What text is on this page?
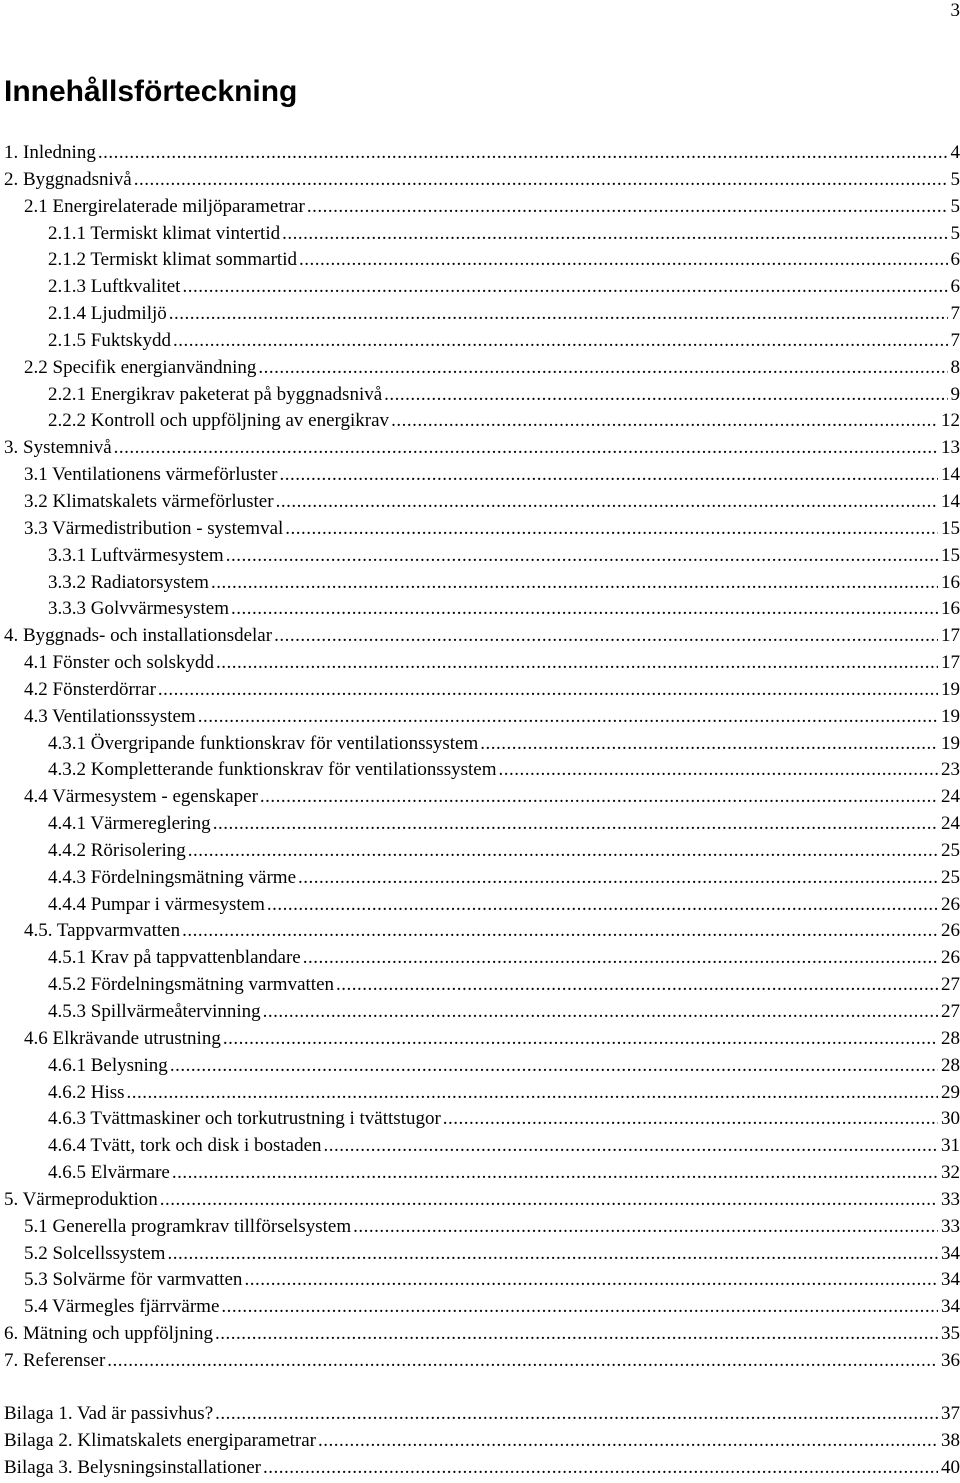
3
Innehållsförteckning
1. Inledning .....	4
2. Byggnadsnivå .....	5
2.1 Energirelaterade miljöparametrar .....	5
2.1.1 Termiskt klimat vintertid .....	5
2.1.2 Termiskt klimat sommartid .....	6
2.1.3 Luftkvalitet .....	6
2.1.4 Ljudmiljö .....	7
2.1.5 Fuktskydd .....	7
2.2 Specifik energianvändning .....	8
2.2.1 Energikrav paketerat på byggnadsnivå .....	9
2.2.2 Kontroll och uppföljning av energikrav .....	12
3. Systemnivå .....	13
3.1 Ventilationens värmeförluster .....	14
3.2 Klimatskalets värmeförluster .....	14
3.3 Värmedistribution - systemval .....	15
3.3.1 Luftvärmesystem .....	15
3.3.2 Radiatorsystem .....	16
3.3.3 Golvvärmesystem .....	16
4. Byggnads- och installationsdelar .....	17
4.1 Fönster och solskydd .....	17
4.2 Fönsterdörrar .....	19
4.3 Ventilationssystem .....	19
4.3.1 Övergripande funktionskrav för ventilationssystem .....	19
4.3.2 Kompletterande funktionskrav för ventilationssystem .....	23
4.4 Värmesystem - egenskaper .....	24
4.4.1 Värmereglering .....	24
4.4.2 Rörisolering .....	25
4.4.3 Fördelningsmätning värme .....	25
4.4.4 Pumpar i värmesystem .....	26
4.5. Tappvarmvatten .....	26
4.5.1 Krav på tappvattenblandare .....	26
4.5.2 Fördelningsmätning varmvatten .....	27
4.5.3 Spillvärmeåtervinning .....	27
4.6 Elkrävande utrustning .....	28
4.6.1 Belysning .....	28
4.6.2 Hiss .....	29
4.6.3 Tvättmaskiner och torkutrustning i tvättstugor .....	30
4.6.4 Tvätt, tork och disk i bostaden .....	31
4.6.5 Elvärmare .....	32
5. Värmeproduktion .....	33
5.1 Generella programkrav tillförselsystem .....	33
5.2 Solcellssystem .....	34
5.3 Solvärme för varmvatten .....	34
5.4 Värmegles fjärrvärme .....	34
6. Mätning och uppföljning .....	35
7. Referenser .....	36
Bilaga 1. Vad är passivhus? .....	37
Bilaga 2. Klimatskalets energiparametrar .....	38
Bilaga 3. Belysningsinstallationer .....	40
